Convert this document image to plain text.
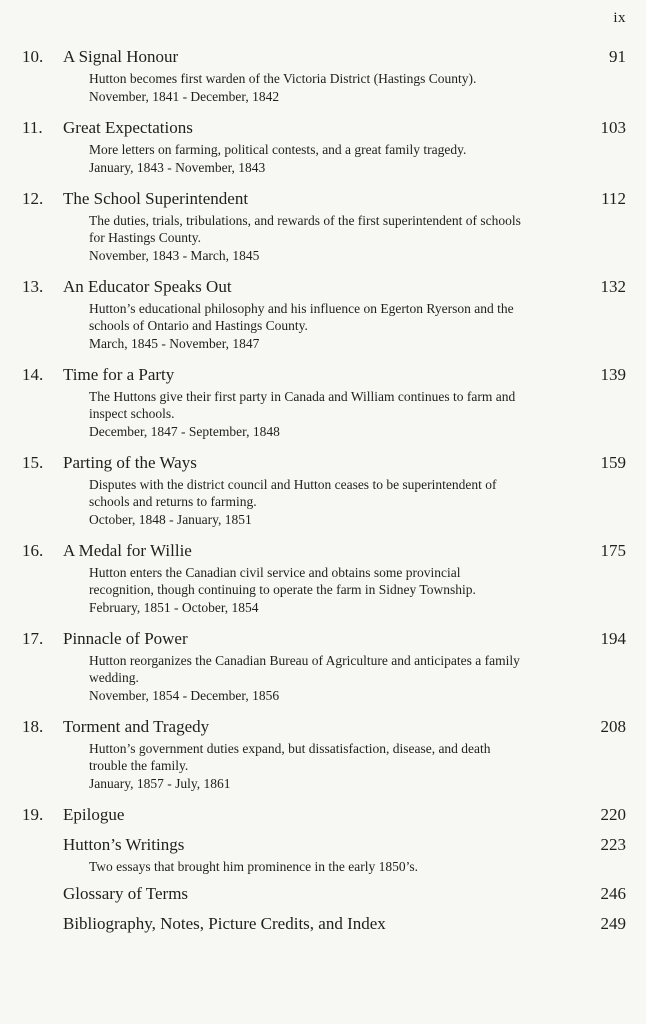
ix
10.	A Signal Honour	91
Hutton becomes first warden of the Victoria District (Hastings County).
November, 1841 - December, 1842
11.	Great Expectations	103
More letters on farming, political contests, and a great family tragedy.
January, 1843 - November, 1843
12.	The School Superintendent	112
The duties, trials, tribulations, and rewards of the first superintendent of schools for Hastings County.
November, 1843 - March, 1845
13.	An Educator Speaks Out	132
Hutton’s educational philosophy and his influence on Egerton Ryerson and the schools of Ontario and Hastings County.
March, 1845 - November, 1847
14.	Time for a Party	139
The Huttons give their first party in Canada and William continues to farm and inspect schools.
December, 1847 - September, 1848
15.	Parting of the Ways	159
Disputes with the district council and Hutton ceases to be superintendent of schools and returns to farming.
October, 1848 - January, 1851
16.	A Medal for Willie	175
Hutton enters the Canadian civil service and obtains some provincial recognition, though continuing to operate the farm in Sidney Township.
February, 1851 - October, 1854
17.	Pinnacle of Power	194
Hutton reorganizes the Canadian Bureau of Agriculture and anticipates a family wedding.
November, 1854 - December, 1856
18.	Torment and Tragedy	208
Hutton’s government duties expand, but dissatisfaction, disease, and death trouble the family.
January, 1857 - July, 1861
19.	Epilogue	220
Hutton’s Writings	223
Two essays that brought him prominence in the early 1850’s.
Glossary of Terms	246
Bibliography, Notes, Picture Credits, and Index	249
